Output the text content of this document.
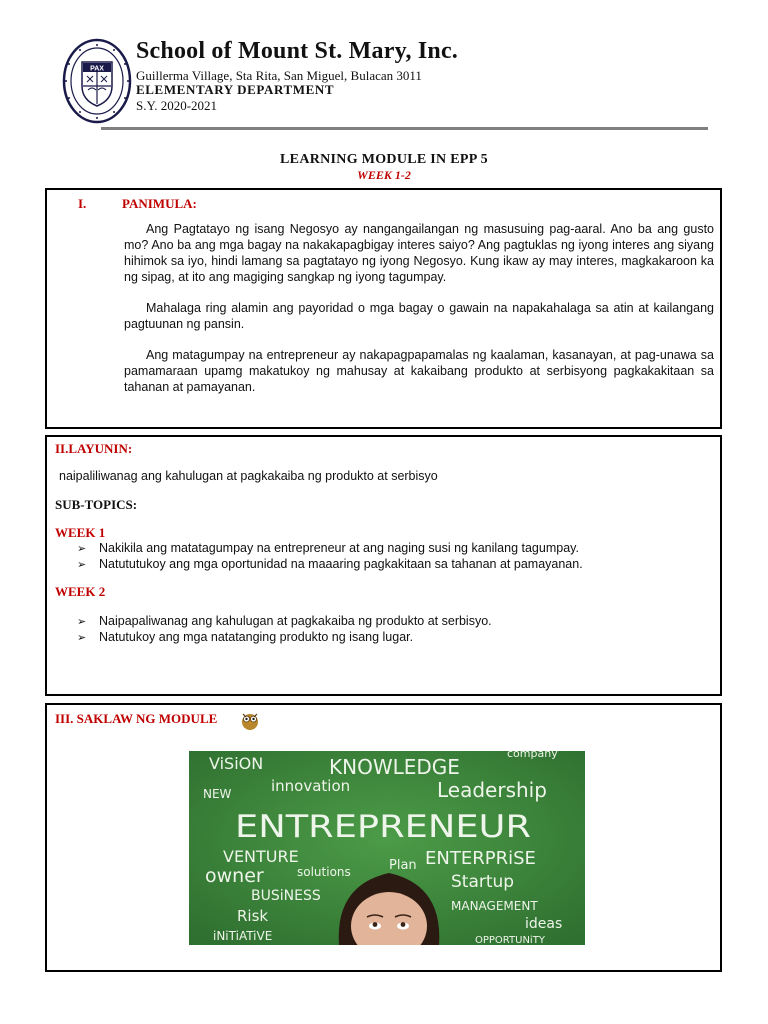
PAX
School of Mount St. Mary, Inc.
Guillerma Village, Sta Rita, San Miguel, Bulacan 3011
ELEMENTARY DEPARTMENT
S.Y. 2020-2021
LEARNING MODULE IN EPP 5
WEEK 1-2
I.	PANIMULA:

Ang Pagtatayo ng isang Negosyo ay nangangailangan ng masusuing pag-aaral. Ano ba ang gusto mo? Ano ba ang mga bagay na nakakapagbigay interes saiyo? Ang pagtuklas ng iyong interes ang siyang hihimok sa iyo, hindi lamang sa pagtatayo ng iyong Negosyo. Kung ikaw ay may interes, magkakaroon ka ng sipag, at ito ang magiging sangkap ng iyong tagumpay.

Mahalaga ring alamin ang payoridad o mga bagay o gawain na napakahalaga sa atin at kailangang pagtuunan ng pansin.

Ang matagumpay na entrepreneur ay nakapagpapamalas ng kaalaman, kasanayan, at pag-unawa sa pamamaraan upamg makatukoy ng mahusay at kakaibang produkto at serbisyong pagkakakitaan sa tahanan at pamayanan.

II.LAYUNIN:
naipaliliwanag ang kahulugan at pagkakaiba ng produkto at serbisyo
SUB-TOPICS:
WEEK 1
➢ Nakikila ang matatagumpay na entrepreneur at ang naging susi ng kanilang tagumpay.
➢ Natututukoy ang mga oportunidad na maaaring pagkakitaan sa tahanan at pamayanan.
WEEK 2
➢ Naipapaliwanag ang kahulugan at pagkakaiba ng produkto at serbisyo.
➢ Natutukoy ang mga natatanging produkto ng isang lugar.
III. SAKLAW NG MODULE
ViSiON	KNOWLEDGE
company
innovation	Leadership
NEW
ENTREPRENEUR
VENTURE	Plan ENTERPRiSE
owner	solutions	Startup
BUSiNESS
MANAGEMENT
Risk	ideas
iNiTiATiVE	OPPORTUNiTY
